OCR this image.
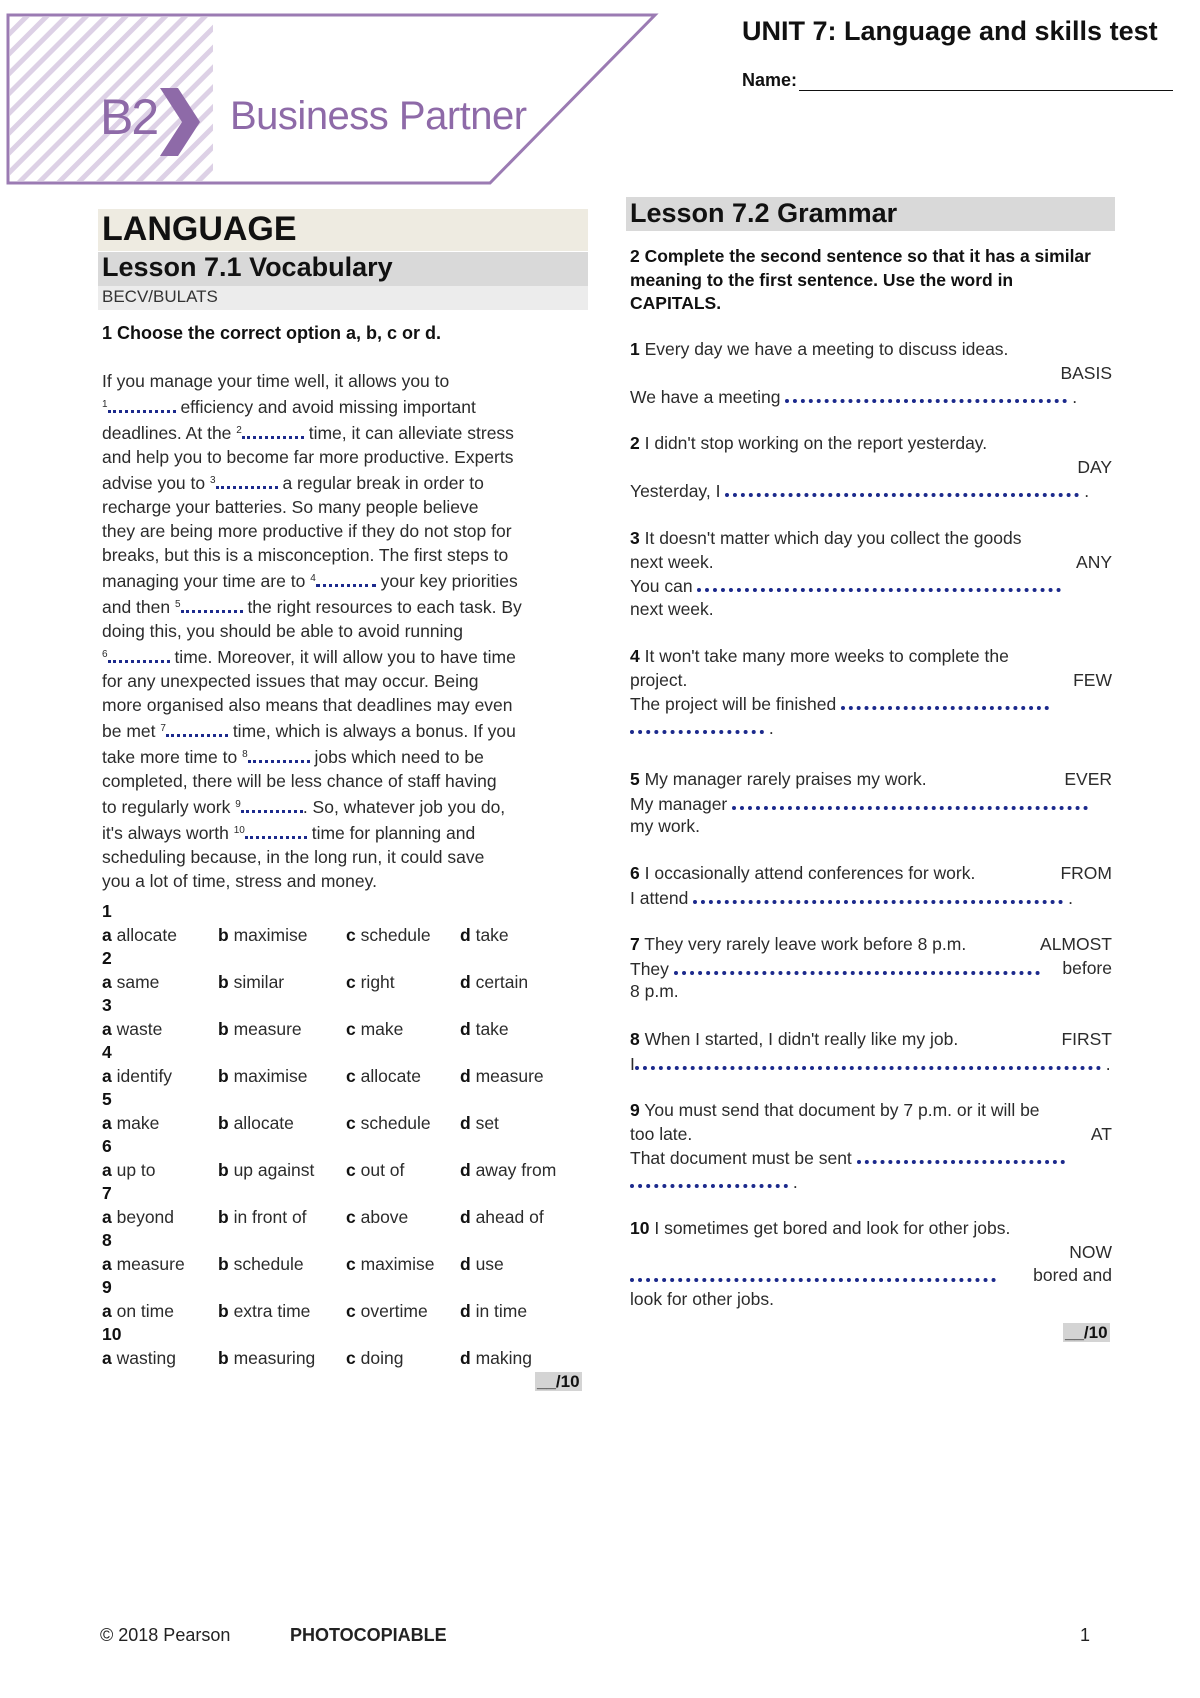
B2 Business Partner
UNIT 7: Language and skills test
Name:
LANGUAGE
Lesson 7.1 Vocabulary
BECV/BULATS
1 Choose the correct option a, b, c or d.
If you manage your time well, it allows you to
$^1$	efficiency and avoid missing important
deadlines. At the $^2$	time, it can alleviate stress
and help you to become far more productive. Experts
advise you to $^3$	a regular break in order to
recharge your batteries. So many people believe
they are being more productive if they do not stop for
breaks, but this is a misconception. The first steps to
managing your time are to $^4$	your key priorities
and then $^5$	the right resources to each task. By
doing this, you should be able to avoid running
$^6$	time. Moreover, it will allow you to have time
for any unexpected issues that may occur. Being
more organised also means that deadlines may even
be met $^7$	time, which is always a bonus. If you
take more time to $^8$	jobs which need to be
completed, there will be less chance of staff having
to regularly work $^9$	. So, whatever job you do,
it's always worth $^{10}$	time for planning and
scheduling because, in the long run, it could save
you a lot of time, stress and money.
1
a allocate b maximise c schedule d take
2
a same	b similar	c right	d certain
3
a waste	b measure	c make	d take
4
a identify	b maximise c allocate d measure
5
a make	b allocate	c schedule d set
6
a up to	b up against c out of	d away from
7
a beyond	b in front of c above	d ahead of
8
a measure b schedule c maximise d use
9
a on time	b extra time c overtime d in time
10
a wasting b measuring c doing	d making
__/10
Lesson 7.2 Grammar
2 Complete the second sentence so that it has a similar meaning to the first sentence. Use the word in CAPITALS.
1 Every day we have a meeting to discuss ideas.
BASIS
We have a meeting	.
2 I didn't stop working on the report yesterday.
DAY
Yesterday, I	.
3 It doesn't matter which day you collect the goods
next week.	ANY
You can
next week.
4 It won't take many more weeks to complete the
project.	FEW
The project will be finished
.
5 My manager rarely praises my work.	EVER
My manager
my work.
6 I occasionally attend conferences for work.	FROM
I attend	.
7 They very rarely leave work before 8 p.m.	ALMOST
They	before
8 p.m.
8 When I started, I didn't really like my job.	FIRST
I	.
9 You must send that document by 7 p.m. or it will be
too late.	AT
That document must be sent
.
10 I sometimes get bored and look for other jobs.
NOW
bored and
look for other jobs.
__/10
© 2018 Pearson	PHOTOCOPIABLE	1
